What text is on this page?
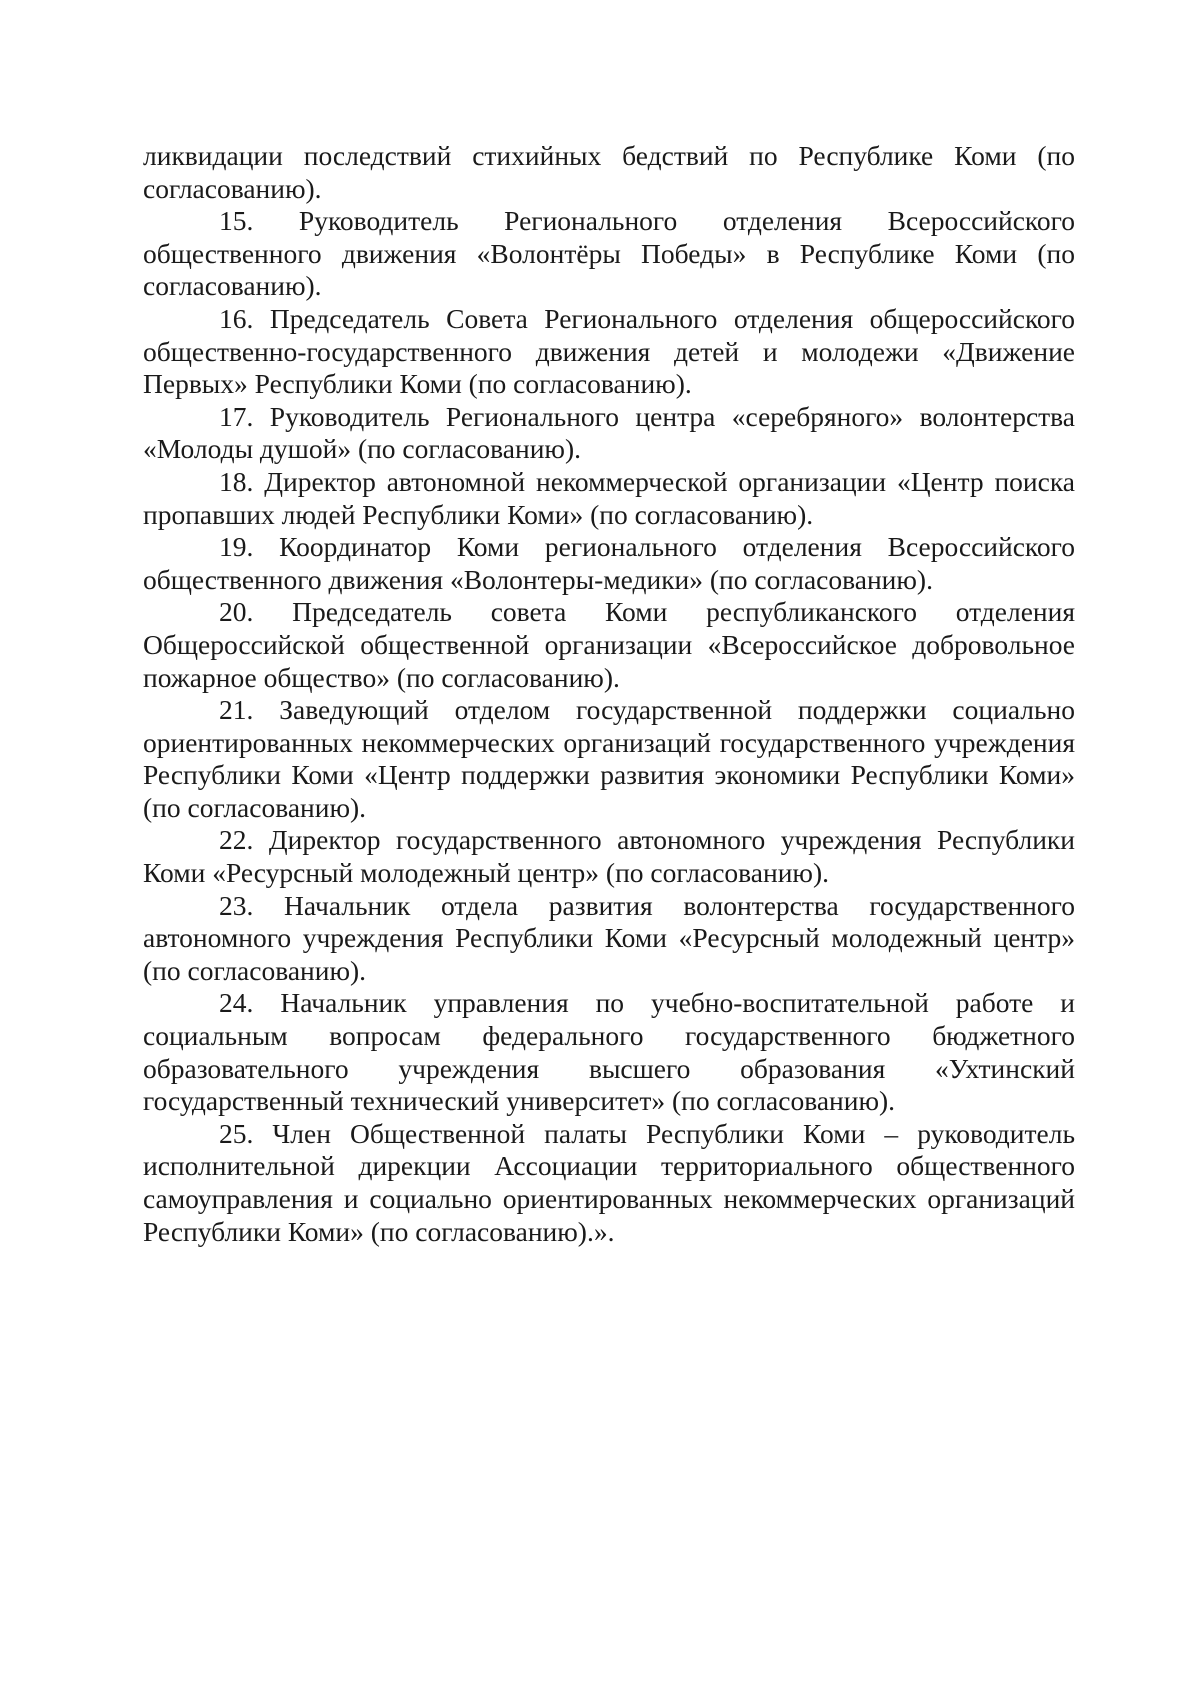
ликвидации последствий стихийных бедствий по Республике Коми (по согласованию).

15. Руководитель Регионального отделения Всероссийского общественного движения «Волонтёры Победы» в Республике Коми (по согласованию).

16. Председатель Совета Регионального отделения общероссийского общественно-государственного движения детей и молодежи «Движение Первых» Республики Коми (по согласованию).

17. Руководитель Регионального центра «серебряного» волонтерства «Молоды душой» (по согласованию).

18. Директор автономной некоммерческой организации «Центр поиска пропавших людей Республики Коми» (по согласованию).

19. Координатор Коми регионального отделения Всероссийского общественного движения «Волонтеры-медики» (по согласованию).

20. Председатель совета Коми республиканского отделения Общероссийской общественной организации «Всероссийское добровольное пожарное общество» (по согласованию).

21. Заведующий отделом государственной поддержки социально ориентированных некоммерческих организаций государственного учреждения Республики Коми «Центр поддержки развития экономики Республики Коми» (по согласованию).

22. Директор государственного автономного учреждения Республики Коми «Ресурсный молодежный центр» (по согласованию).

23. Начальник отдела развития волонтерства государственного автономного учреждения Республики Коми «Ресурсный молодежный центр» (по согласованию).

24. Начальник управления по учебно-воспитательной работе и социальным вопросам федерального государственного бюджетного образовательного учреждения высшего образования «Ухтинский государственный технический университет» (по согласованию).

25. Член Общественной палаты Республики Коми – руководитель исполнительной дирекции Ассоциации территориального общественного самоуправления и социально ориентированных некоммерческих организаций Республики Коми» (по согласованию).».
